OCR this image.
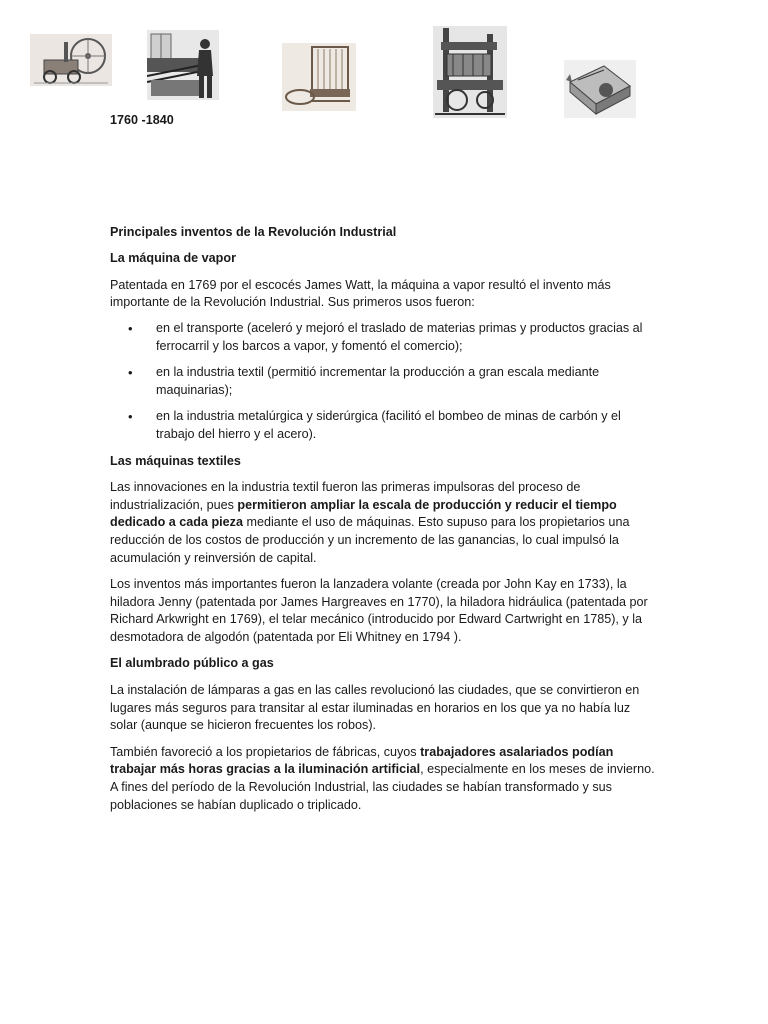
1760 -1840

Principales inventos de la Revolución Industrial

La máquina de vapor

Patentada en 1769 por el escocés James Watt, la máquina a vapor resultó el invento más importante de la Revolución Industrial. Sus primeros usos fueron:

• en el transporte (aceleró y mejoró el traslado de materias primas y productos gracias al ferrocarril y los barcos a vapor, y fomentó el comercio);
• en la industria textil (permitió incrementar la producción a gran escala mediante maquinarias);
• en la industria metalúrgica y siderúrgica (facilitó el bombeo de minas de carbón y el trabajo del hierro y el acero).

Las máquinas textiles

Las innovaciones en la industria textil fueron las primeras impulsoras del proceso de industrialización, pues permitieron ampliar la escala de producción y reducir el tiempo dedicado a cada pieza mediante el uso de máquinas. Esto supuso para los propietarios una reducción de los costos de producción y un incremento de las ganancias, lo cual impulsó la acumulación y reinversión de capital.

Los inventos más importantes fueron la lanzadera volante (creada por John Kay en 1733), la hiladora Jenny (patentada por James Hargreaves en 1770), la hiladora hidráulica (patentada por Richard Arkwright en 1769), el telar mecánico (introducido por Edward Cartwright en 1785), y la desmotadora de algodón (patentada por Eli Whitney en 1794 ).

El alumbrado público a gas

La instalación de lámparas a gas en las calles revolucionó las ciudades, que se convirtieron en lugares más seguros para transitar al estar iluminadas en horarios en los que ya no había luz solar (aunque se hicieron frecuentes los robos).

También favoreció a los propietarios de fábricas, cuyos trabajadores asalariados podían trabajar más horas gracias a la iluminación artificial, especialmente en los meses de invierno. A fines del período de la Revolución Industrial, las ciudades se habían transformado y sus poblaciones se habían duplicado o triplicado.
